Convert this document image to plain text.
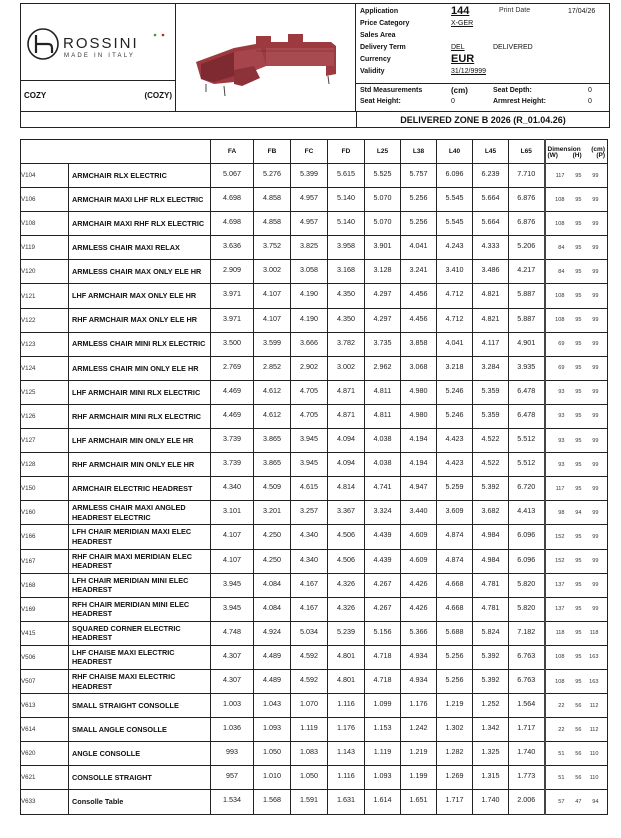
ROSSINI
MADE IN ITALY
COZY	(COZY)
Application	144	Print Date	17/04/26
Price Category	X-GER
Sales Area
Delivery Term	DEL	DELIVERED
Currency	EUR
Validity	31/12/9999
Std Measurements	(cm)	Seat Depth:	0
Seat Height:	0	Armrest Height:	0
DELIVERED ZONE B 2026 (R_01.04.26)
		FA	FB	FC	FD	L25	L38	L40	L45	L65	Dimension (cm)
(W) (H) (P)

V104	ARMCHAIR RLX ELECTRIC	5.067	5.276	5.399	5.615	5.525	5.757	6.096	6.239	7.710	117 95 99
V106	ARMCHAIR MAXI LHF RLX ELECTRIC	4.698	4.858	4.957	5.140	5.070	5.256	5.545	5.664	6.876	108 95 99
V108	ARMCHAIR MAXI RHF RLX ELECTRIC	4.698	4.858	4.957	5.140	5.070	5.256	5.545	5.664	6.876	108 95 99
V119	ARMLESS CHAIR MAXI RELAX	3.636	3.752	3.825	3.958	3.901	4.041	4.243	4.333	5.206	84 95 99
V120	ARMLESS CHAIR MAX ONLY ELE HR	2.909	3.002	3.058	3.168	3.128	3.241	3.410	3.486	4.217	84 95 99
V121	LHF ARMCHAIR MAX ONLY ELE HR	3.971	4.107	4.190	4.350	4.297	4.456	4.712	4.821	5.887	108 95 99
V122	RHF ARMCHAIR MAX ONLY ELE HR	3.971	4.107	4.190	4.350	4.297	4.456	4.712	4.821	5.887	108 95 99
V123	ARMLESS CHAIR MINI RLX ELECTRIC	3.500	3.599	3.666	3.782	3.735	3.858	4.041	4.117	4.901	69 95 99
V124	ARMLESS CHAIR MIN ONLY ELE HR	2.769	2.852	2.902	3.002	2.962	3.068	3.218	3.284	3.935	69 95 99
V125	LHF ARMCHAIR MINI RLX ELECTRIC	4.469	4.612	4.705	4.871	4.811	4.980	5.246	5.359	6.478	93 95 99
V126	RHF ARMCHAIR MINI RLX ELECTRIC	4.469	4.612	4.705	4.871	4.811	4.980	5.246	5.359	6.478	93 95 99
V127	LHF ARMCHAIR MIN ONLY ELE HR	3.739	3.865	3.945	4.094	4.038	4.194	4.423	4.522	5.512	93 95 99
V128	RHF ARMCHAIR MIN ONLY ELE HR	3.739	3.865	3.945	4.094	4.038	4.194	4.423	4.522	5.512	93 95 99
V150	ARMCHAIR ELECTRIC HEADREST	4.340	4.509	4.615	4.814	4.741	4.947	5.259	5.392	6.720	117 95 99
V160	ARMLESS CHAIR MAXI ANGLED HEADREST ELECTRIC	3.101	3.201	3.257	3.367	3.324	3.440	3.609	3.682	4.413	98 94 99
V166	LFH CHAIR MERIDIAN MAXI ELEC HEADREST	4.107	4.250	4.340	4.506	4.439	4.609	4.874	4.984	6.096	152 95 99
V167	RHF CHAIR MAXI MERIDIAN ELEC HEADREST	4.107	4.250	4.340	4.506	4.439	4.609	4.874	4.984	6.096	152 95 99
V168	LFH CHAIR MERIDIAN MINI ELEC HEADREST	3.945	4.084	4.167	4.326	4.267	4.426	4.668	4.781	5.820	137 95 99
V169	RFH CHAIR MERIDIAN MINI ELEC HEADREST	3.945	4.084	4.167	4.326	4.267	4.426	4.668	4.781	5.820	137 95 99
V415	SQUARED CORNER ELECTRIC HEADREST	4.748	4.924	5.034	5.239	5.156	5.366	5.688	5.824	7.182	118 95 118
V506	LHF CHAISE MAXI ELECTRIC HEADREST	4.307	4.489	4.592	4.801	4.718	4.934	5.256	5.392	6.763	108 95 163
V507	RHF CHAISE MAXI ELECTRIC HEADREST	4.307	4.489	4.592	4.801	4.718	4.934	5.256	5.392	6.763	108 95 163
V613	SMALL STRAIGHT CONSOLLE	1.003	1.043	1.070	1.116	1.099	1.176	1.219	1.252	1.564	22 56 112
V614	SMALL ANGLE CONSOLLE	1.036	1.093	1.119	1.176	1.153	1.242	1.302	1.342	1.717	22 56 112
V620	ANGLE CONSOLLE	993	1.050	1.083	1.143	1.119	1.219	1.282	1.325	1.740	51 56 110
V621	CONSOLLE STRAIGHT	957	1.010	1.050	1.116	1.093	1.199	1.269	1.315	1.773	51 56 110
V633	Consolle Table	1.534	1.568	1.591	1.631	1.614	1.651	1.717	1.740	2.006	57 47 94
